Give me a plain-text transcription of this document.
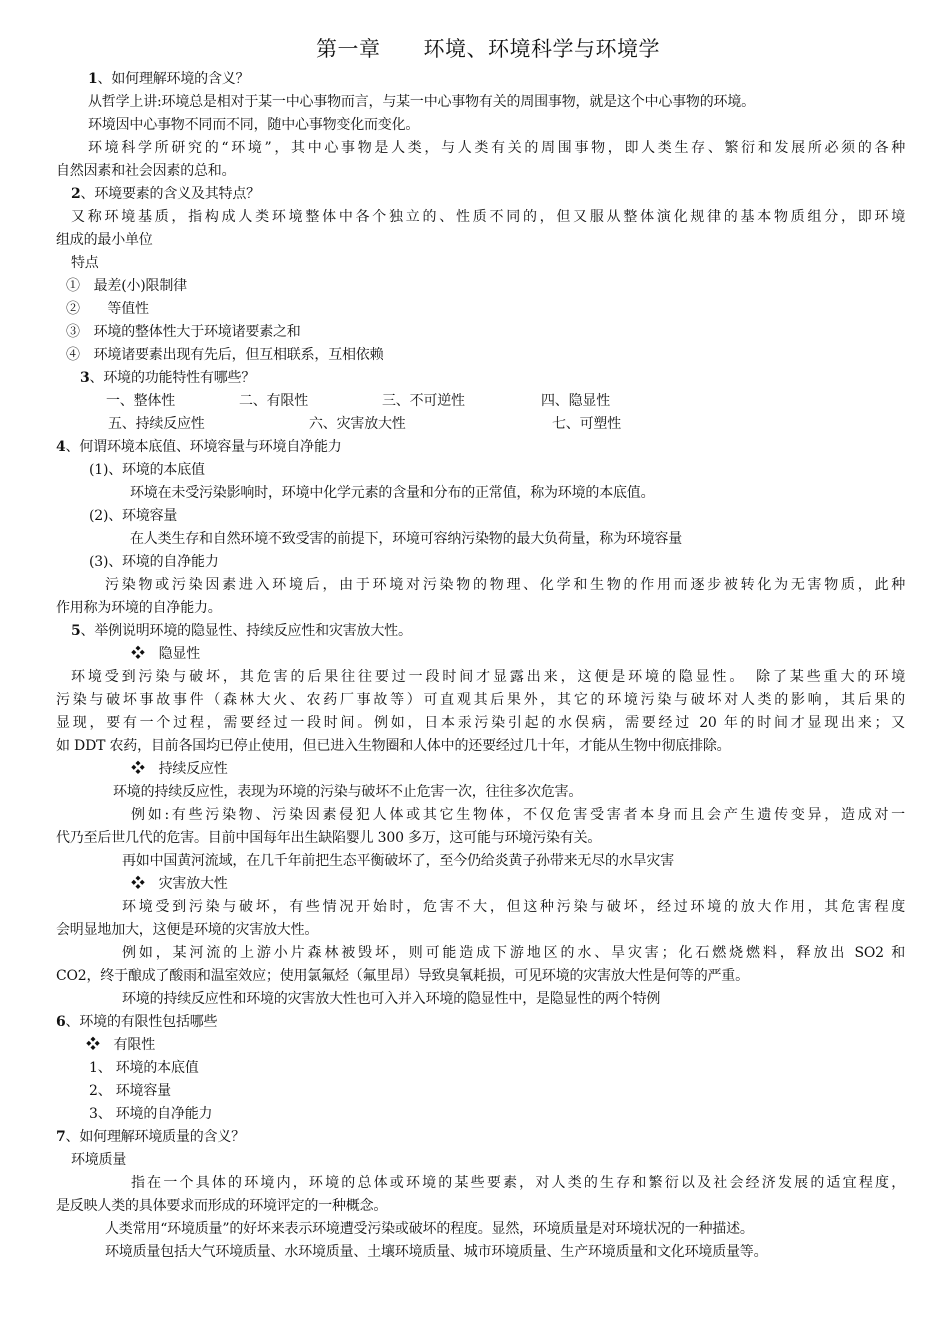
第一章　　环境、环境科学与环境学
1、如何理解环境的含义？
从哲学上讲:环境总是相对于某一中心事物而言，与某一中心事物有关的周围事物，就是这个中心事物的环境。
环境因中心事物不同而不同，随中心事物变化而变化。
环境科学所研究的“环境”，其中心事物是人类，与人类有关的周围事物，即人类生存、繁衍和发展所必须的各种
自然因素和社会因素的总和。
2、环境要素的含义及其特点？
又称环境基质，指构成人类环境整体中各个独立的、性质不同的，但又服从整体演化规律的基本物质组分，即环境
组成的最小单位
特点
①　最差(小)限制律
②　　等值性
③　环境的整体性大于环境诸要素之和
④　环境诸要素出现有先后，但互相联系，互相依赖
3、环境的功能特性有哪些？
一、整体性	二、有限性	三、不可逆性	四、隐显性
五、持续反应性	六、灾害放大性	七、可塑性
4、何谓环境本底值、环境容量与环境自净能力
(1)、环境的本底值
环境在未受污染影响时，环境中化学元素的含量和分布的正常值，称为环境的本底值。
(2)、环境容量
在人类生存和自然环境不致受害的前提下，环境可容纳污染物的最大负荷量，称为环境容量
(3)、环境的自净能力
污染物或污染因素进入环境后，由于环境对污染物的物理、化学和生物的作用而逐步被转化为无害物质，此种
作用称为环境的自净能力。
5、举例说明环境的隐显性、持续反应性和灾害放大性。
❖　隐显性
环境受到污染与破坏，其危害的后果往往要过一段时间才显露出来，这便是环境的隐显性。　除了某些重大的环境
污染与破坏事故事件（森林大火、农药厂事故等）可直观其后果外，其它的环境污染与破坏对人类的影响，其后果的
显现，要有一个过程，需要经过一段时间。例如，日本汞污染引起的水俣病，需要经过 20 年的时间才显现出来；又
如 DDT 农药，目前各国均已停止使用，但已进入生物圈和人体中的还要经过几十年，才能从生物中彻底排除。
❖　持续反应性
环境的持续反应性，表现为环境的污染与破坏不止危害一次，往往多次危害。
例如:有些污染物、污染因素侵犯人体或其它生物体，不仅危害受害者本身而且会产生遗传变异，造成对一
代乃至后世几代的危害。目前中国每年出生缺陷婴儿 300 多万，这可能与环境污染有关。
再如中国黄河流域，在几千年前把生态平衡破坏了，至今仍给炎黄子孙带来无尽的水旱灾害
❖　灾害放大性
环境受到污染与破坏，有些情况开始时，危害不大，但这种污染与破坏，经过环境的放大作用，其危害程度
会明显地加大，这便是环境的灾害放大性。
例如，某河流的上游小片森林被毁坏，则可能造成下游地区的水、旱灾害；化石燃烧燃料，释放出 SO2 和
CO2，终于酿成了酸雨和温室效应；使用氯氟烃（氟里昂）导致臭氧耗损，可见环境的灾害放大性是何等的严重。
环境的持续反应性和环境的灾害放大性也可入并入环境的隐显性中，是隐显性的两个特例
6、环境的有限性包括哪些
❖　有限性
1、 环境的本底值
2、 环境容量
3、 环境的自净能力
7、如何理解环境质量的含义？
环境质量
指在一个具体的环境内，环境的总体或环境的某些要素，对人类的生存和繁衍以及社会经济发展的适宜程度，
是反映人类的具体要求而形成的环境评定的一种概念。
人类常用“环境质量”的好坏来表示环境遭受污染或破坏的程度。显然，环境质量是对环境状况的一种描述。
环境质量包括大气环境质量、水环境质量、土壤环境质量、城市环境质量、生产环境质量和文化环境质量等。
